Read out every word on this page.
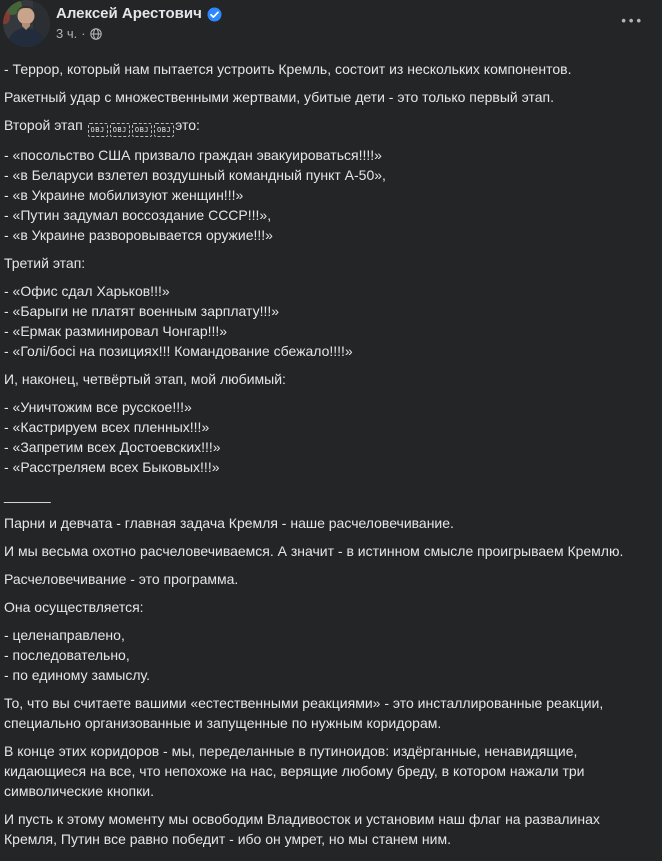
Алексей Арестович
3 ч. ·
•••
- Террор, который нам пытается устроить Кремль, состоит из нескольких компонентов.
Ракетный удар с множественными жертвами, убитые дети - это только первый этап.
Второй этап OBJ OBJ OBJ OBJ это:
- «посольство США призвало граждан эвакуироваться!!!!»
- «в Беларуси взлетел воздушный командный пункт А-50»,
- «в Украине мобилизуют женщин!!!»
- «Путин задумал воссоздание СССР!!!»,
- «в Украине разворовывается оружие!!!»
Третий этап:
- «Офис сдал Харьков!!!»
- «Барыги не платят военным зарплату!!!»
- «Ермак разминировал Чонгар!!!»
- «Голі/босі на позициях!!! Командование сбежало!!!!»
И, наконец, четвёртый этап, мой любимый:
- «Уничтожим все русское!!!»
- «Кастрируем всех пленных!!!»
- «Запретим всех Достоевских!!!»
- «Расстреляем всех Быковых!!!»
______
Парни и девчата - главная задача Кремля - наше расчеловечивание.
И мы весьма охотно расчеловечиваемся. А значит - в истинном смысле проигрываем Кремлю.
Расчеловечивание - это программа.
Она осуществляется:
- целенаправлено,
- последовательно,
- по единому замыслу.
То, что вы считаете вашими «естественными реакциями» - это инсталлированные реакции, специально организованные и запущенные по нужным коридорам.
В конце этих коридоров - мы, переделанные в путиноидов: издёрганные, ненавидящие, кидающиеся на все, что непохоже на нас, верящие любому бреду, в котором нажали три символические кнопки.
И пусть к этому моменту мы освободим Владивосток и установим наш флаг на развалинах Кремля, Путин все равно победит - ибо он умрет, но мы станем ним.
